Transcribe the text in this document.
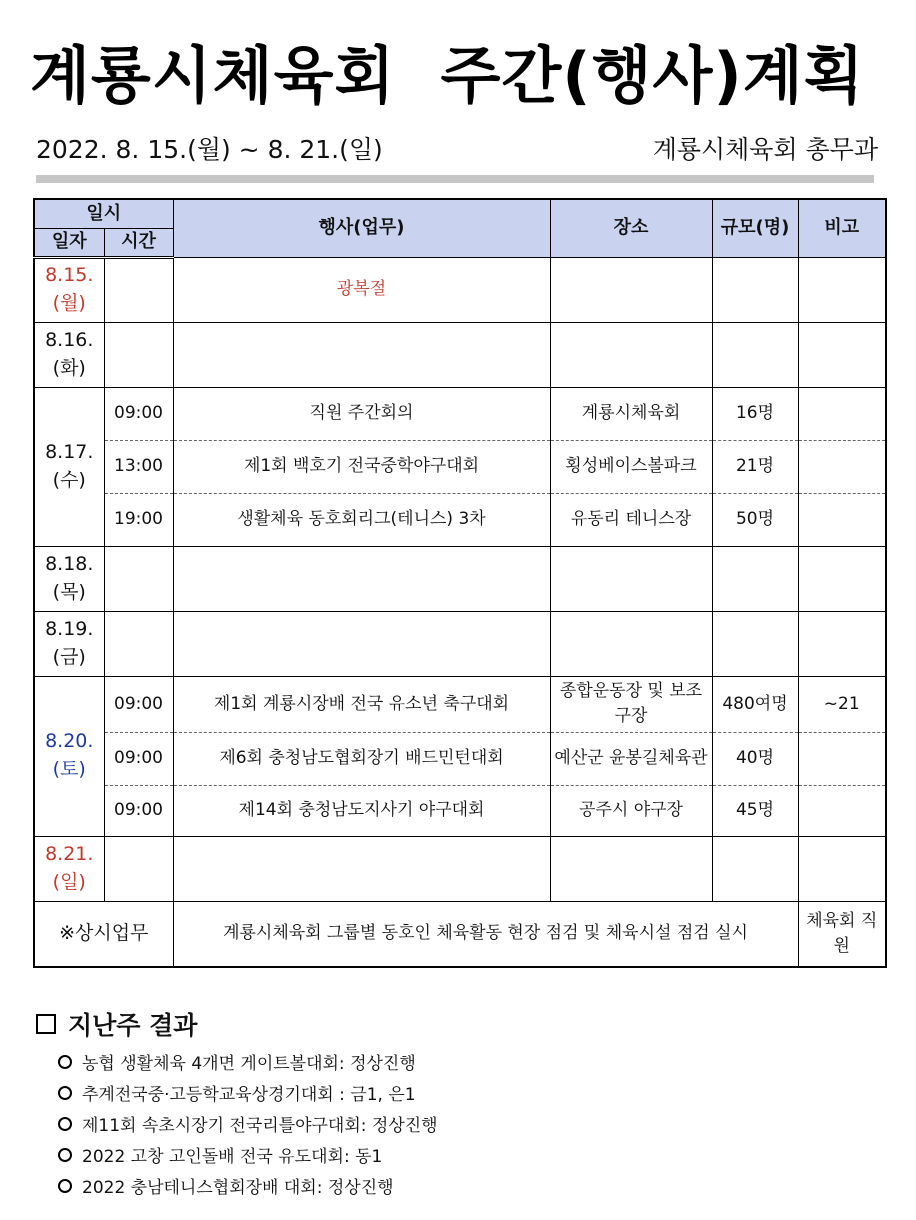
계룡시체육회  주간(행사)계획
2022. 8. 15.(월) ~ 8. 21.(일)	계룡시체육회 총무과
일시		행사(업무)	장소	규모(명)	비고
일자	시간				

8.15.
(월)		광복절			

8.16.
(화)					

8.17.
(수)	09:00	직원 주간회의	계룡시체육회	16명	
	13:00	제1회 백호기 전국중학야구대회	횡성베이스볼파크	21명	
	19:00	생활체육 동호회리그(테니스) 3차	유동리 테니스장	50명	

8.18.
(목)					

8.19.
(금)					

8.20.
(토)	09:00	제1회 계룡시장배 전국 유소년 축구대회	종합운동장 및 보조구장	480여명	~21
	09:00	제6회 충청남도협회장기 배드민턴대회	예산군 윤봉길체육관	40명	
	09:00	제14회 충청남도지사기 야구대회	공주시 야구장	45명	

8.21.
(일)					

※상시업무		계룡시체육회 그룹별 동호인 체육활동 현장 점검 및 체육시설 점검 실시			체육회 직원
지난주 결과
농협 생활체육 4개면 게이트볼대회: 정상진행
추계전국중·고등학교육상경기대회 : 금1, 은1
제11회 속초시장기 전국리틀야구대회: 정상진행
2022 고창 고인돌배 전국 유도대회: 동1
2022 충남테니스협회장배 대회: 정상진행
